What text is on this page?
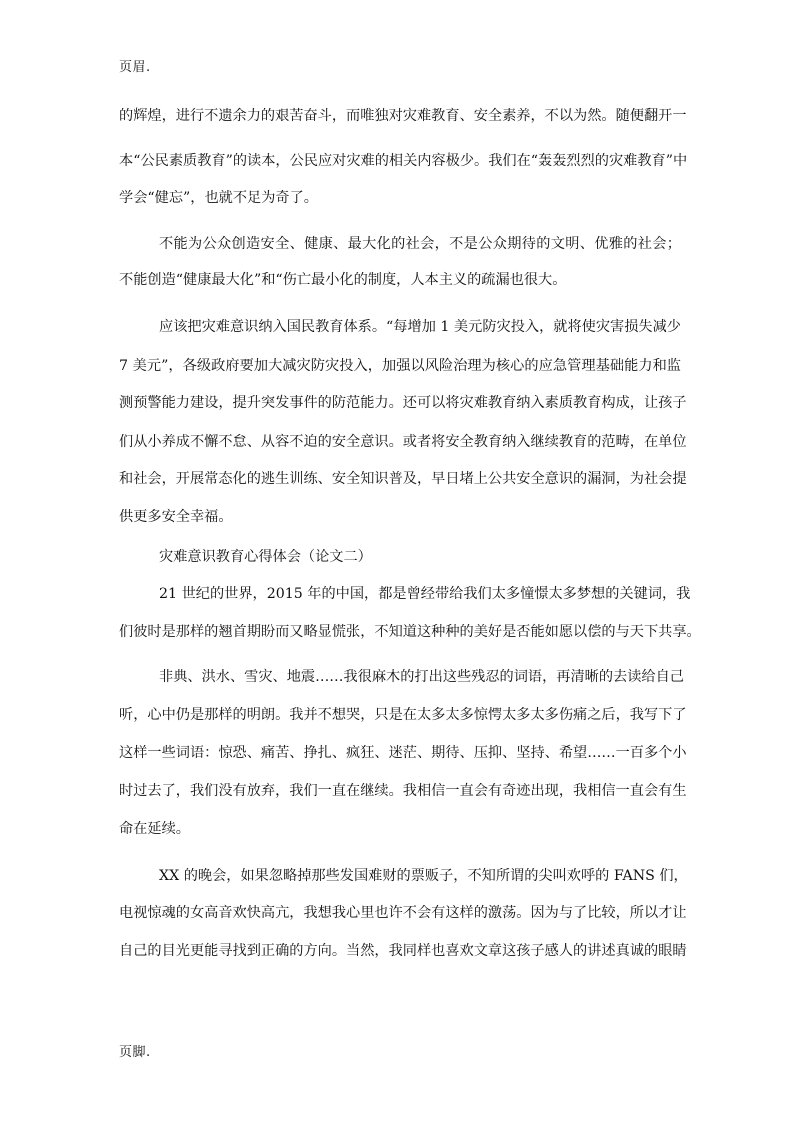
页眉.
的辉煌，进行不遗余力的艰苦奋斗，而唯独对灾难教育、安全素养，不以为然。随便翻开一
本“公民素质教育”的读本，公民应对灾难的相关内容极少。我们在“轰轰烈烈的灾难教育”中
学会“健忘”，也就不足为奇了。
不能为公众创造安全、健康、最大化的社会，不是公众期待的文明、优雅的社会；
不能创造“健康最大化”和“伤亡最小化的制度，人本主义的疏漏也很大。
应该把灾难意识纳入国民教育体系。“每增加 1 美元防灾投入，就将使灾害损失减少
7 美元”，各级政府要加大减灾防灾投入，加强以风险治理为核心的应急管理基础能力和监
测预警能力建设，提升突发事件的防范能力。还可以将灾难教育纳入素质教育构成，让孩子
们从小养成不懈不怠、从容不迫的安全意识。或者将安全教育纳入继续教育的范畴，在单位
和社会，开展常态化的逃生训练、安全知识普及，早日堵上公共安全意识的漏洞，为社会提
供更多安全幸福。
灾难意识教育心得体会（论文二）
21 世纪的世界，2015 年的中国，都是曾经带给我们太多憧憬太多梦想的关键词，我
们彼时是那样的翘首期盼而又略显慌张，不知道这种种的美好是否能如愿以偿的与天下共享。
非典、洪水、雪灾、地震……我很麻木的打出这些残忍的词语，再清晰的去读给自己
听，心中仍是那样的明朗。我并不想哭，只是在太多太多惊愕太多太多伤痛之后，我写下了
这样一些词语：惊恐、痛苦、挣扎、疯狂、迷茫、期待、压抑、坚持、希望……一百多个小
时过去了，我们没有放弃，我们一直在继续。我相信一直会有奇迹出现，我相信一直会有生
命在延续。
XX 的晚会，如果忽略掉那些发国难财的票贩子，不知所谓的尖叫欢呼的 FANS 们，
电视惊魂的女高音欢快高亢，我想我心里也许不会有这样的激荡。因为与了比较，所以才让
自己的目光更能寻找到正确的方向。当然，我同样也喜欢文章这孩子感人的讲述真诚的眼睛
页脚.
